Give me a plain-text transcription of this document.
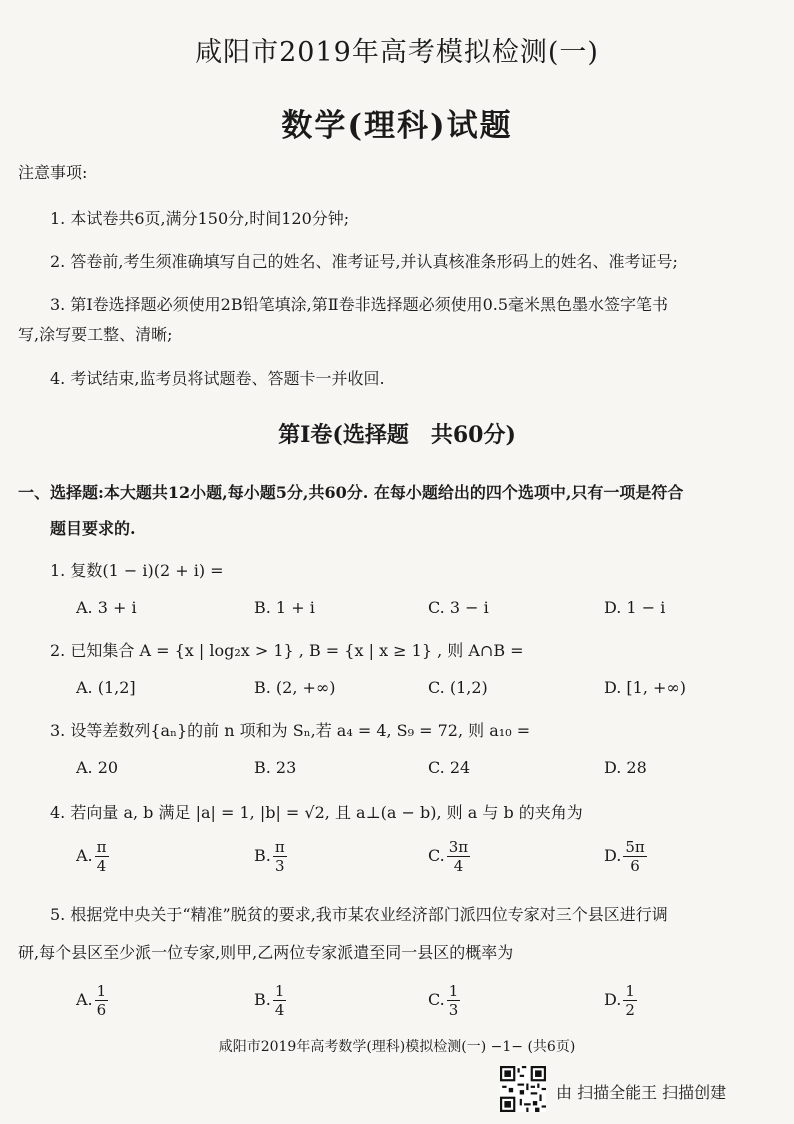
咸阳市2019年高考模拟检测(一)
数学(理科)试题
注意事项:
1. 本试卷共6页,满分150分,时间120分钟;
2. 答卷前,考生须准确填写自己的姓名、准考证号,并认真核准条形码上的姓名、准考证号;
3. 第Ⅰ卷选择题必须使用2B铅笔填涂,第Ⅱ卷非选择题必须使用0.5毫米黑色墨水签字笔书
写,涂写要工整、清晰;
4. 考试结束,监考员将试题卷、答题卡一并收回.
第Ⅰ卷(选择题　共60分)
一、选择题:本大题共12小题,每小题5分,共60分. 在每小题给出的四个选项中,只有一项是符合
题目要求的.
1. 复数(1 − i)(2 + i) =
A. 3 + i	B. 1 + i	C. 3 − i	D. 1 − i
2. 已知集合 A = {x | log₂x > 1} , B = {x | x ≥ 1} , 则 A∩B =
A. (1,2]	B. (2, +∞)	C. (1,2)	D. [1, +∞)
3. 设等差数列{aₙ}的前 n 项和为 Sₙ,若 a₄ = 4, S₉ = 72, 则 a₁₀ =
A. 20	B. 23	C. 24	D. 28
4. 若向量 a, b 满足 |a| = 1, |b| = √2, 且 a⊥(a − b), 则 a 与 b 的夹角为
A. $\frac{\pi}{4}$	B. $\frac{\pi}{3}$	C. $\frac{3\pi}{4}$	D. $\frac{5\pi}{6}$
5. 根据党中央关于“精准”脱贫的要求,我市某农业经济部门派四位专家对三个县区进行调
研,每个县区至少派一位专家,则甲,乙两位专家派遣至同一县区的概率为
A. $\frac{1}{6}$	B. $\frac{1}{4}$	C. $\frac{1}{3}$	D. $\frac{1}{2}$
咸阳市2019年高考数学(理科)模拟检测(一) −1− (共6页)
由 扫描全能王 扫描创建
